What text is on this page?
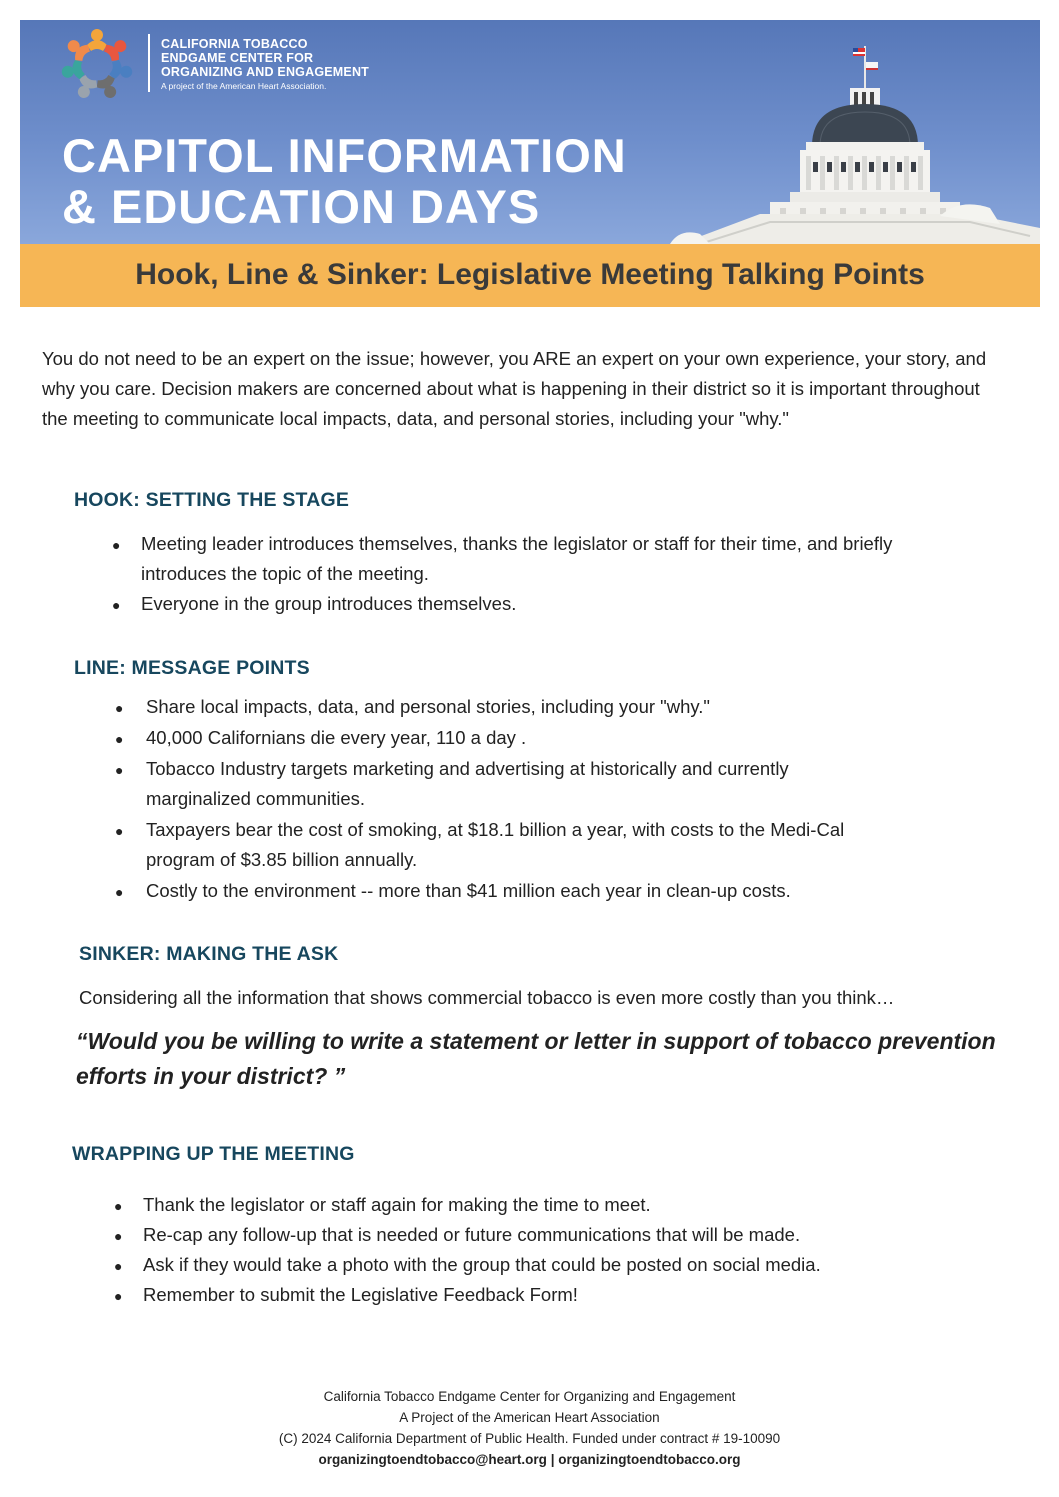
CALIFORNIA TOBACCO
ENDGAME CENTER FOR
ORGANIZING AND ENGAGEMENT
A project of the American Heart Association.
CAPITOL INFORMATION
& EDUCATION DAYS
Hook, Line & Sinker: Legislative Meeting Talking Points
You do not need to be an expert on the issue; however, you ARE an expert on your own experience, your story, and why you care. Decision makers are concerned about what is happening in their district so it is important throughout the meeting to communicate local impacts, data, and personal stories, including your "why."
HOOK: SETTING THE STAGE
● Meeting leader introduces themselves, thanks the legislator or staff for their time, and briefly introduces the topic of the meeting.
● Everyone in the group introduces themselves.
LINE: MESSAGE POINTS
● Share local impacts, data, and personal stories, including your "why."
● 40,000 Californians die every year, 110 a day .
● Tobacco Industry targets marketing and advertising at historically and currently marginalized communities.
● Taxpayers bear the cost of smoking, at $18.1 billion a year, with costs to the Medi-Cal program of $3.85 billion annually.
● Costly to the environment -- more than $41 million each year in clean-up costs.
SINKER: MAKING THE ASK
Considering all the information that shows commercial tobacco is even more costly than you think…
“Would you be willing to write a statement or letter in support of tobacco prevention efforts in your district? ”
WRAPPING UP THE MEETING
● Thank the legislator or staff again for making the time to meet.
● Re-cap any follow-up that is needed or future communications that will be made.
● Ask if they would take a photo with the group that could be posted on social media.
● Remember to submit the Legislative Feedback Form!
California Tobacco Endgame Center for Organizing and Engagement
A Project of the American Heart Association
(C) 2024 California Department of Public Health. Funded under contract # 19-10090
organizingtoendtobacco@heart.org | organizingtoendtobacco.org
